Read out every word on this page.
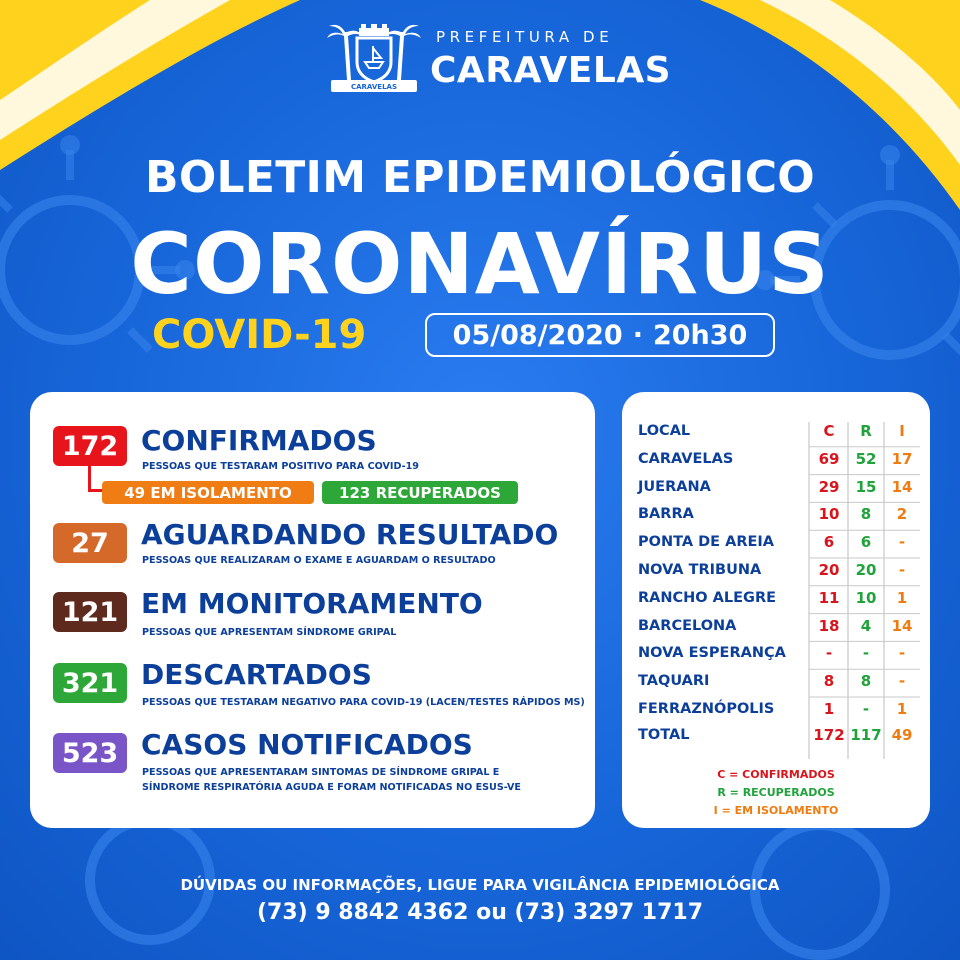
CARAVELAS
PREFEITURA DE
CARAVELAS
BOLETIM EPIDEMIOLÓGICO
CORONAVÍRUS
COVID-19	05/08/2020 · 20h30
172 CONFIRMADOS
PESSOAS QUE TESTARAM POSITIVO PARA COVID-19
49 EM ISOLAMENTO	123 RECUPERADOS
27	AGUARDANDO RESULTADO
PESSOAS QUE REALIZARAM O EXAME E AGUARDAM O RESULTADO
121 EM MONITORAMENTO
PESSOAS QUE APRESENTAM SÍNDROME GRIPAL
321 DESCARTADOS
PESSOAS QUE TESTARAM NEGATIVO PARA COVID-19 (LACEN/TESTES RÁPIDOS MS)
523 CASOS NOTIFICADOS
PESSOAS QUE APRESENTARAM SINTOMAS DE SÍNDROME GRIPAL E
SÍNDROME RESPIRATÓRIA AGUDA E FORAM NOTIFICADAS NO ESUS-VE
LOCAL	C	R	I
CARAVELAS	69	52	17
JUERANA	29	15	14
BARRA	10	8	2
PONTA DE AREIA	6	6	-
NOVA TRIBUNA	20	20	-
RANCHO ALEGRE	11	10	1
BARCELONA	18	4	14
NOVA ESPERANÇA	-	-	-
TAQUARI	8	8	-
FERRAZNÓPOLIS	1	-	1
TOTAL	172 117 49
C = CONFIRMADOS
R = RECUPERADOS
I = EM ISOLAMENTO
DÚVIDAS OU INFORMAÇÕES, LIGUE PARA VIGILÂNCIA EPIDEMIOLÓGICA
(73) 9 8842 4362 ou (73) 3297 1717
